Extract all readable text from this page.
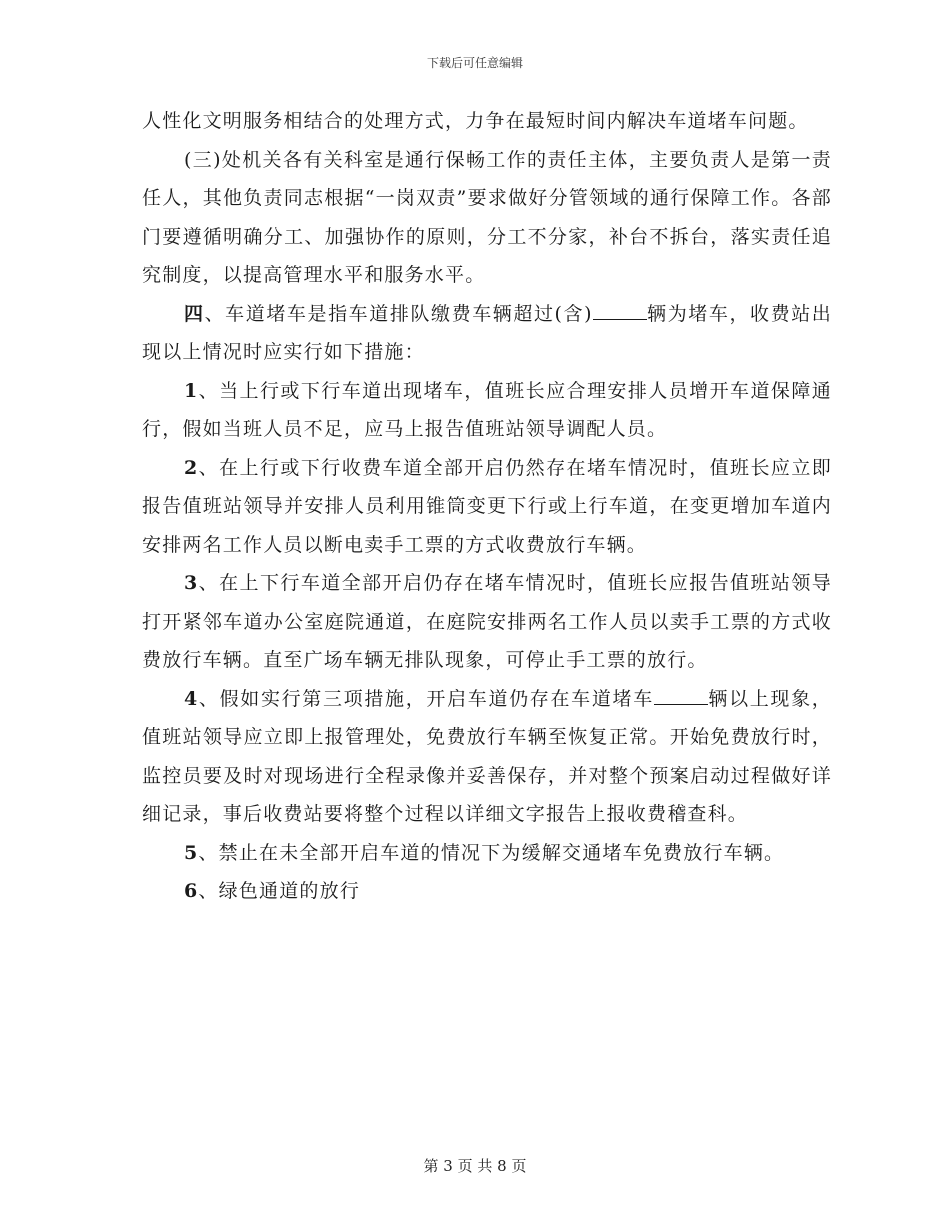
下载后可任意编辑

人性化文明服务相结合的处理方式，力争在最短时间内解决车道堵车问题。

(三)处机关各有关科室是通行保畅工作的责任主体，主要负责人是第一责任人，其他负责同志根据“一岗双责”要求做好分管领域的通行保障工作。各部门要遵循明确分工、加强协作的原则，分工不分家，补台不拆台，落实责任追究制度，以提高管理水平和服务水平。

四、车道堵车是指车道排队缴费车辆超过(含)	辆为堵车，收费站出现以上情况时应实行如下措施：

1、当上行或下行车道出现堵车，值班长应合理安排人员增开车道保障通行，假如当班人员不足，应马上报告值班站领导调配人员。

2、在上行或下行收费车道全部开启仍然存在堵车情况时，值班长应立即报告值班站领导并安排人员利用锥筒变更下行或上行车道，在变更增加车道内安排两名工作人员以断电卖手工票的方式收费放行车辆。

3、在上下行车道全部开启仍存在堵车情况时，值班长应报告值班站领导打开紧邻车道办公室庭院通道，在庭院安排两名工作人员以卖手工票的方式收费放行车辆。直至广场车辆无排队现象，可停止手工票的放行。

4、假如实行第三项措施，开启车道仍存在车道堵车	辆以上现象，值班站领导应立即上报管理处，免费放行车辆至恢复正常。开始免费放行时，监控员要及时对现场进行全程录像并妥善保存，并对整个预案启动过程做好详细记录，事后收费站要将整个过程以详细文字报告上报收费稽查科。

5、禁止在未全部开启车道的情况下为缓解交通堵车免费放行车辆。

6、绿色通道的放行

第 3 页 共 8 页
